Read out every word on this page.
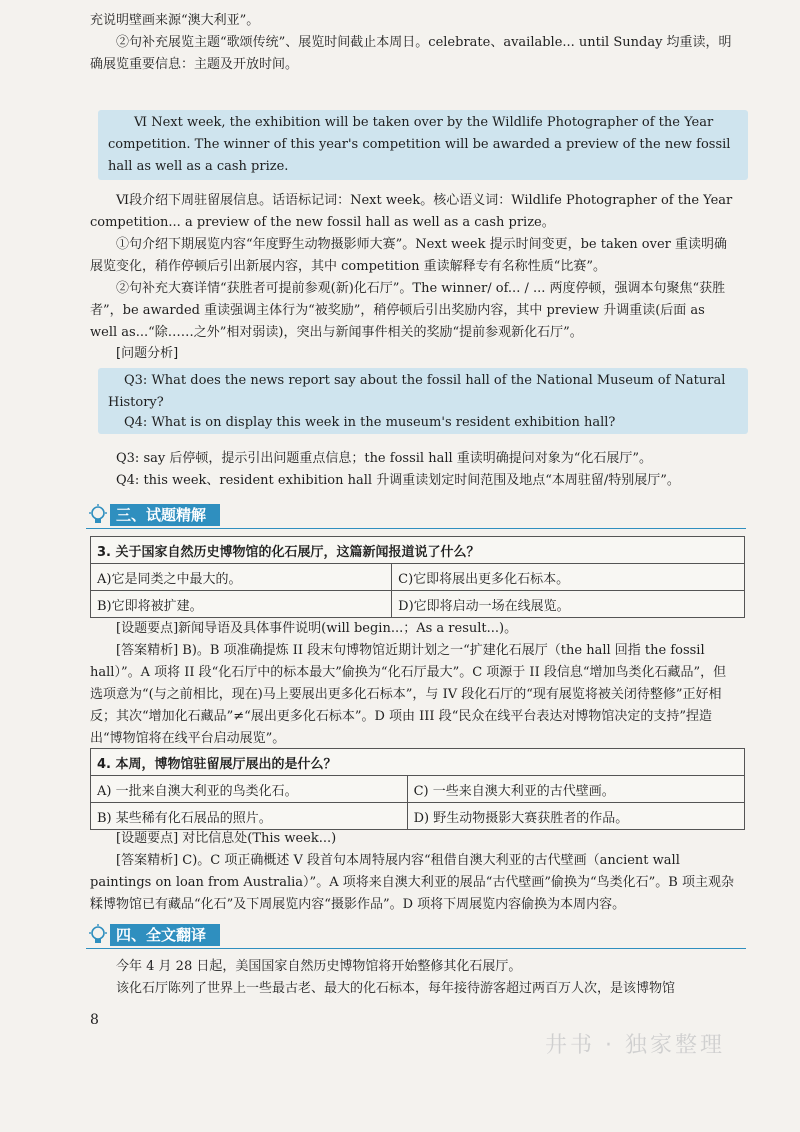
充说明壁画来源“澳大利亚”。

②句补充展览主题“歌颂传统”、展览时间截止本周日。celebrate、available... until Sunday 均重读，明确展览重要信息：主题及开放时间。

Ⅵ Next week, the exhibition will be taken over by the Wildlife Photographer of the Year competition. The winner of this year's competition will be awarded a preview of the new fossil hall as well as a cash prize.

Ⅵ段介绍下周驻留展信息。话语标记词：Next week。核心语义词：Wildlife Photographer of the Year competition... a preview of the new fossil hall as well as a cash prize。

①句介绍下期展览内容“年度野生动物摄影师大赛”。Next week 提示时间变更，be taken over 重读明确展览变化，稍作停顿后引出新展内容，其中 competition 重读解释专有名称性质“比赛”。

②句补充大赛详情“获胜者可提前参观(新)化石厅”。The winner/ of... / ... 两度停顿，强调本句聚焦“获胜者”，be awarded 重读强调主体行为“被奖励”，稍停顿后引出奖励内容，其中 preview 升调重读(后面 as well as...“除……之外”相对弱读)，突出与新闻事件相关的奖励“提前参观新化石厅”。

[问题分析]

Q3: What does the news report say about the fossil hall of the National Museum of Natural History?

Q4: What is on display this week in the museum's resident exhibition hall?

Q3: say 后停顿，提示引出问题重点信息；the fossil hall 重读明确提问对象为“化石展厅”。

Q4: this week、resident exhibition hall 升调重读划定时间范围及地点“本周驻留/特别展厅”。

三、试题精解
3. 关于国家自然历史博物馆的化石展厅，这篇新闻报道说了什么？	
A)它是同类之中最大的。	C)它即将展出更多化石标本。
B)它即将被扩建。	D)它即将启动一场在线展览。

[设题要点]新闻导语及具体事件说明(will begin...；As a result...)。

[答案精析] B)。B 项准确提炼 II 段末句博物馆近期计划之一“扩建化石展厅（the hall 回指 the fossil hall）”。A 项将 II 段“化石厅中的标本最大”偷换为“化石厅最大”。C 项源于 II 段信息“增加鸟类化石藏品”，但选项意为“(与之前相比，现在)马上要展出更多化石标本”，与 IV 段化石厅的“现有展览将被关闭待整修”正好相反；其次“增加化石藏品”≠“展出更多化石标本”。D 项由 III 段“民众在线平台表达对博物馆决定的支持”捏造出“博物馆将在线平台启动展览”。

4. 本周，博物馆驻留展厅展出的是什么？	
A) 一批来自澳大利亚的鸟类化石。	C) 一些来自澳大利亚的古代壁画。
B) 某些稀有化石展品的照片。	D) 野生动物摄影大赛获胜者的作品。

[设题要点] 对比信息处(This week...)

[答案精析] C)。C 项正确概述 V 段首句本周特展内容“租借自澳大利亚的古代壁画（ancient wall paintings on loan from Australia）”。A 项将来自澳大利亚的展品“古代壁画”偷换为“鸟类化石”。B 项主观杂糅博物馆已有藏品“化石”及下周展览内容“摄影作品”。D 项将下周展览内容偷换为本周内容。

四、全文翻译

今年 4 月 28 日起，美国国家自然历史博物馆将开始整修其化石展厅。

该化石厅陈列了世界上一些最古老、最大的化石标本，每年接待游客超过两百万人次，是该博物馆

8
井书 · 独家整理
